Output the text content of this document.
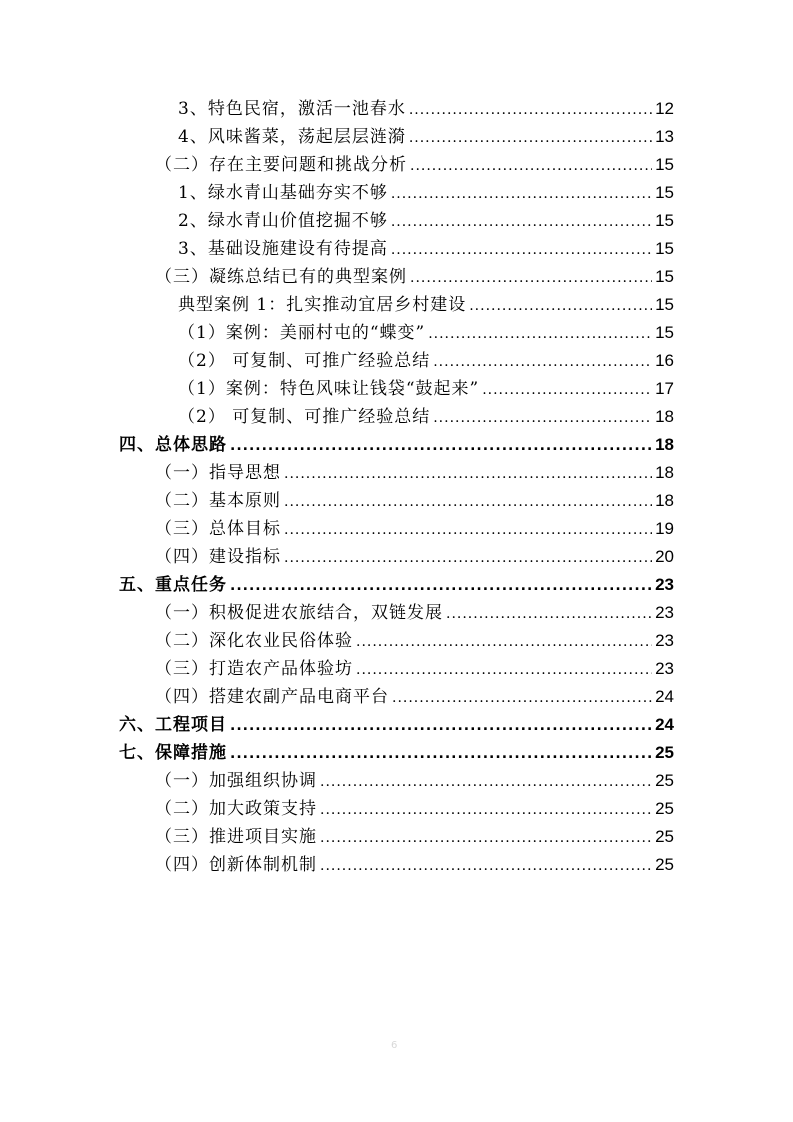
3、特色民宿，激活一池春水 .....	12
4、风味酱菜，荡起层层涟漪 .....	13
（二）存在主要问题和挑战分析 .....	15
1、绿水青山基础夯实不够 .....	15
2、绿水青山价值挖掘不够 .....	15
3、基础设施建设有待提高 .....	15
（三）凝练总结已有的典型案例 .....	15
典型案例 1：扎实推动宜居乡村建设 .....	15
（1）案例：美丽村屯的“蝶变” .....	15
（2） 可复制、可推广经验总结 .....	16
（1）案例：特色风味让钱袋“鼓起来” .....	17
（2） 可复制、可推广经验总结 .....	18
四、总体思路 .....	18
（一）指导思想 .....	18
（二）基本原则 .....	18
（三）总体目标 .....	19
（四）建设指标 .....	20
五、重点任务 .....	23
（一）积极促进农旅结合，双链发展 .....	23
（二）深化农业民俗体验 .....	23
（三）打造农产品体验坊 .....	23
（四）搭建农副产品电商平台 .....	24
六、工程项目 .....	24
七、保障措施 .....	25
（一）加强组织协调 .....	25
（二）加大政策支持 .....	25
（三）推进项目实施 .....	25
（四）创新体制机制 .....	25
6
